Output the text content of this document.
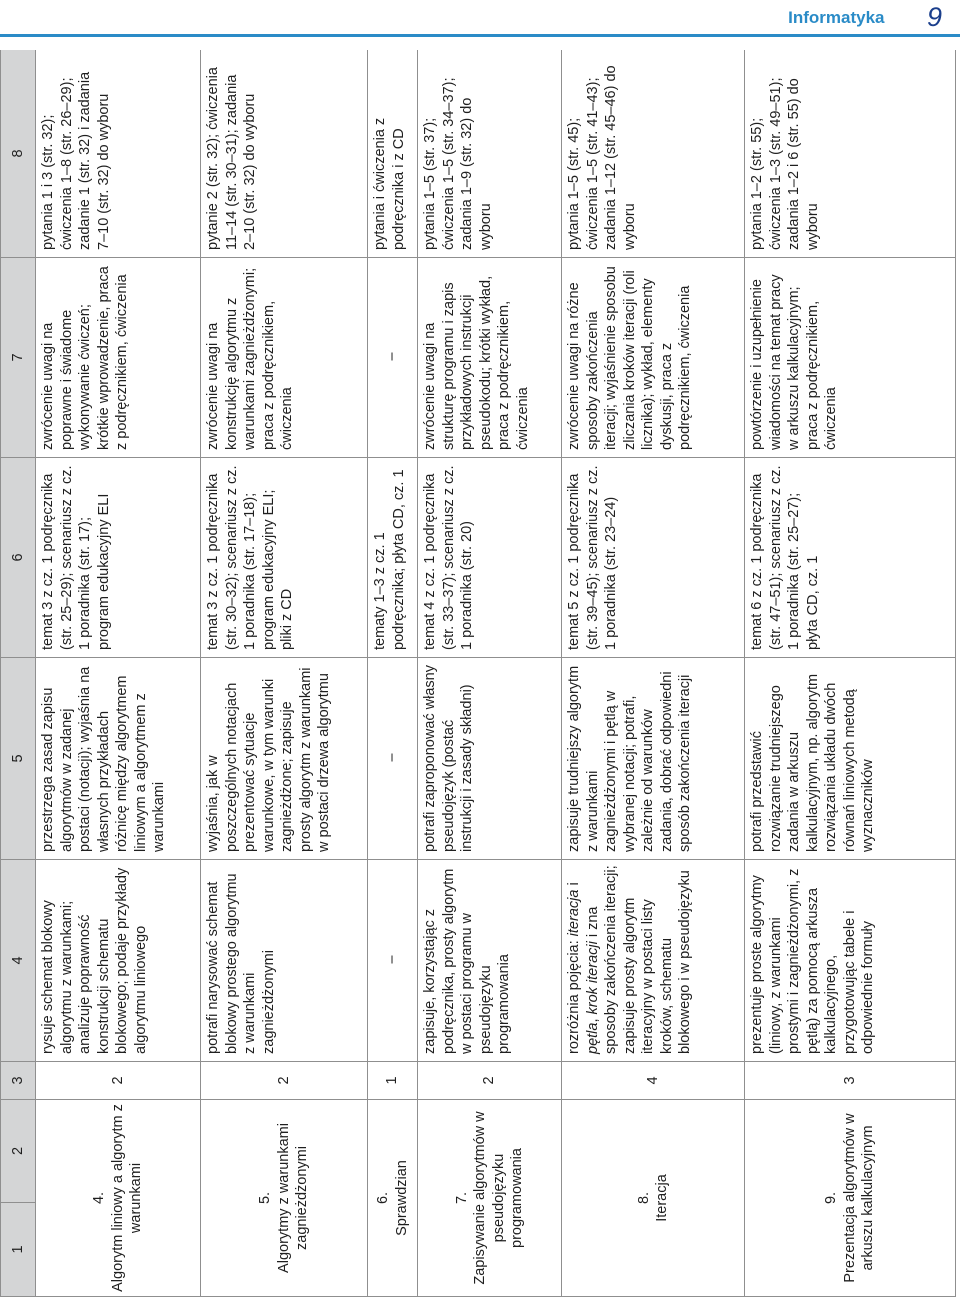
Informatyka 9
1	2	3	4	5	6	7	8

4. Algorytm liniowy a algorytm z warunkami		2	rysuje schemat blokowy algorytmu z warunkami; analizuje poprawność konstrukcji schematu blokowego; podaje przykłady algorytmu liniowego	przestrzega zasad zapisu algorytmów w zadanej postaci (notacji); wyjaśnia na własnych przykładach różnicę między algorytmem liniowym a algorytmem z warunkami	temat 3 z cz. 1 podręcznika (str. 25–29); scenariusz z cz. 1 poradnika (str. 17); program edukacyjny ELI	zwrócenie uwagi na poprawne i świadome wykonywanie ćwiczeń; krótkie wprowadzenie, praca z podręcznikiem, ćwiczenia	pytania 1 i 3 (str. 32); ćwiczenia 1–8 (str. 26–29); zadanie 1 (str. 32) i zadania 7–10 (str. 32) do wyboru

5. Algorytmy z warunkami zagnieżdżonymi		2	potrafi narysować schemat blokowy prostego algorytmu z warunkami zagnieżdżonymi	wyjaśnia, jak w poszczególnych notacjach prezentować sytuacje warunkowe, w tym warunki zagnieżdżone; zapisuje prosty algorytm z warunkami w postaci drzewa algorytmu	temat 3 z cz. 1 podręcznika (str. 30–32); scenariusz z cz. 1 poradnika (str. 17–18); program edukacyjny ELI; pliki z CD	zwrócenie uwagi na konstrukcję algorytmu z warunkami zagnieżdżonymi; praca z podręcznikiem, ćwiczenia	pytanie 2 (str. 32); ćwiczenia 11–14 (str. 30–31); zadania 2–10 (str. 32) do wyboru

6. Sprawdzian		1	–	–	tematy 1–3 z cz. 1 podręcznika; płyta CD, cz. 1	–	pytania i ćwiczenia z podręcznika i z CD

7. Zapisywanie algorytmów w pseudojęzyku programowania		2	zapisuje, korzystając z podręcznika, prosty algorytm w postaci programu w pseudojęzyku programowania	potrafi zaproponować własny pseudojęzyk (postać instrukcji i zasady składni)	temat 4 z cz. 1 podręcznika (str. 33–37); scenariusz z cz. 1 poradnika (str. 20)	zwrócenie uwagi na strukturę programu i zapis przykładowych instrukcji pseudokodu; krótki wykład, praca z podręcznikiem, ćwiczenia	pytania 1–5 (str. 37); ćwiczenia 1–5 (str. 34–37); zadania 1–9 (str. 32) do wyboru

8. Iteracja		4	rozróżnia pojęcia: iteracja i pętla, krok iteracji i zna sposoby zakończenia iteracji; zapisuje prosty algorytm iteracyjny w postaci listy kroków, schematu blokowego i w pseudojęzyku	zapisuje trudniejszy algorytm z warunkami zagnieżdżonymi i pętlą w wybranej notacji; potrafi, zależnie od warunków zadania, dobrać odpowiedni sposób zakończenia iteracji	temat 5 z cz. 1 podręcznika (str. 39–45); scenariusz z cz. 1 poradnika (str. 23–24)	zwrócenie uwagi na różne sposoby zakończenia iteracji; wyjaśnienie sposobu zliczania kroków iteracji (roli licznika); wykład, elementy dyskusji, praca z podręcznikiem, ćwiczenia	pytania 1–5 (str. 45); ćwiczenia 1–5 (str. 41–43); zadania 1–12 (str. 45–46) do wyboru

9. Prezentacja algorytmów w arkuszu kalkulacyjnym		3	prezentuje proste algorytmy (liniowy, z warunkami prostymi i zagnieżdżonymi, z pętlą) za pomocą arkusza kalkulacyjnego, przygotowując tabele i odpowiednie formuły	potrafi przedstawić rozwiązanie trudniejszego zadania w arkuszu kalkulacyjnym, np. algorytm rozwiązania układu dwóch równań liniowych metodą wyznaczników	temat 6 z cz. 1 podręcznika (str. 47–51); scenariusz z cz. 1 poradnika (str. 25–27); płyta CD, cz. 1	powtórzenie i uzupełnienie wiadomości na temat pracy w arkuszu kalkulacyjnym; praca z podręcznikiem, ćwiczenia	pytania 1–2 (str. 55); ćwiczenia 1–3 (str. 49–51); zadania 1–2 i 6 (str. 55) do wyboru
